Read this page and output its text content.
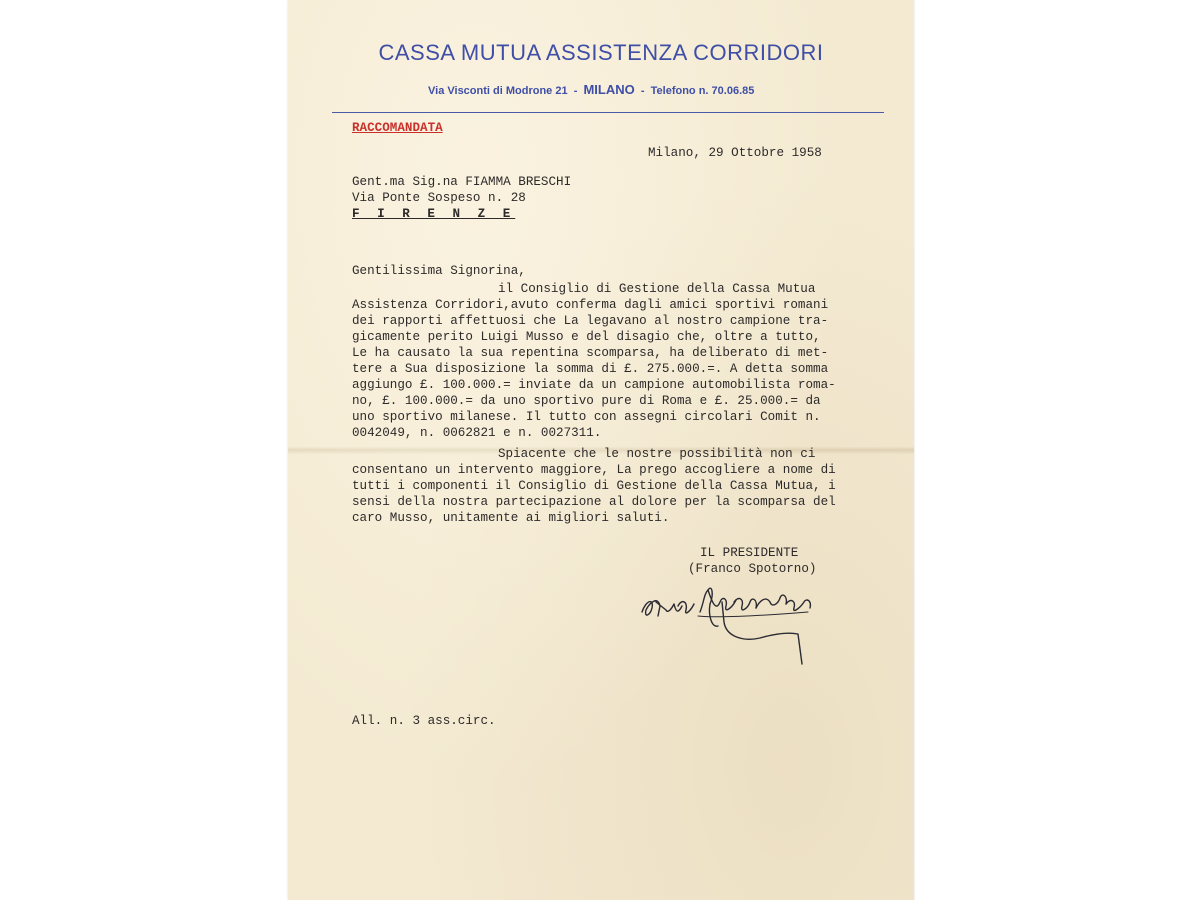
CASSA MUTUA ASSISTENZA CORRIDORI
Via Visconti di Modrone 21  -  MILANO  -  Telefono n. 70.06.85
RACCOMANDATA
Milano, 29 Ottobre 1958
Gent.ma Sig.na FIAMMA BRESCHI
Via Ponte Sospeso n. 28
F I R E N Z E
Gentilissima Signorina,
il Consiglio di Gestione della Cassa Mutua
Assistenza Corridori,avuto conferma dagli amici sportivi romani
dei rapporti affettuosi che La legavano al nostro campione tra-
gicamente perito Luigi Musso e del disagio che, oltre a tutto,
Le ha causato la sua repentina scomparsa, ha deliberato di met-
tere a Sua disposizione la somma di £. 275.000.=. A detta somma
aggiungo £. 100.000.= inviate da un campione automobilista roma-
no, £. 100.000.= da uno sportivo pure di Roma e £. 25.000.= da
uno sportivo milanese. Il tutto con assegni circolari Comit n.
0042049, n. 0062821 e n. 0027311.
Spiacente che le nostre possibilità non ci
consentano un intervento maggiore, La prego accogliere a nome di
tutti i componenti il Consiglio di Gestione della Cassa Mutua, i
sensi della nostra partecipazione al dolore per la scomparsa del
caro Musso, unitamente ai migliori saluti.
IL PRESIDENTE
(Franco Spotorno)
All. n. 3 ass.circ.
